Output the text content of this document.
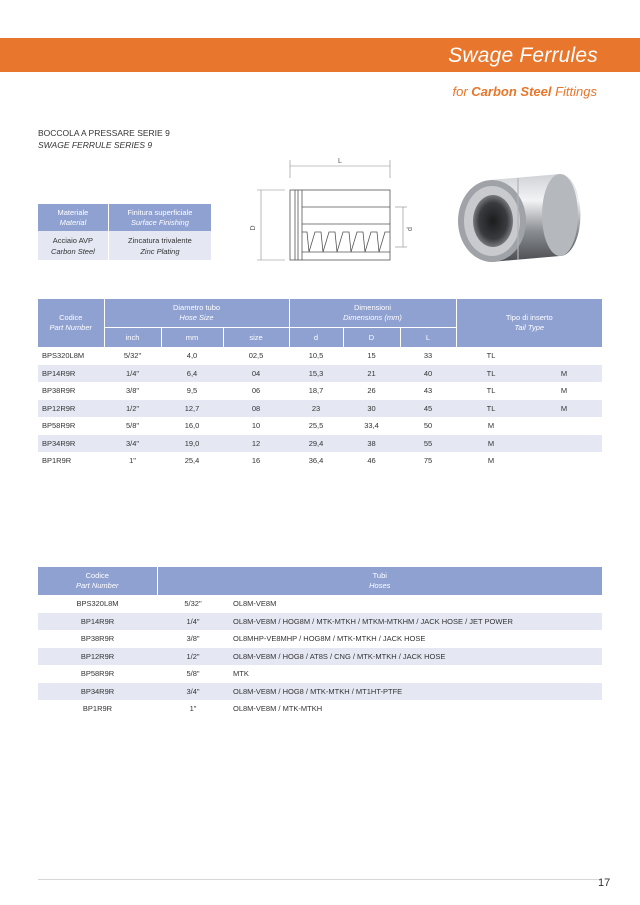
Swage Ferrules
for Carbon Steel Fittings
BOCCOLA A PRESSARE SERIE 9
SWAGE FERRULE SERIES 9
L
D	d
Materiale
Material	Finitura superficiale
Surface Finishing
Acciaio AVP
Carbon Steel	Zincatura trivalente
Zinc Plating
Codice
Part Number	Diametro tubo
Hose Size			Dimensioni
Dimensions (mm)			Tipo di inserto
Tail Type	
	inch	mm	size	d	D	L		
BPS320L8M	5/32"	4,0	02,5	10,5	15	33	TL	
BP14R9R	1/4"	6,4	04	15,3	21	40	TL	M
BP38R9R	3/8"	9,5	06	18,7	26	43	TL	M
BP12R9R	1/2"	12,7	08	23	30	45	TL	M
BP58R9R	5/8"	16,0	10	25,5	33,4	50	M	
BP34R9R	3/4"	19,0	12	29,4	38	55	M	
BP1R9R	1"	25,4	16	36,4	46	75	M	
Codice
Part Number	Tubi
Hoses	
BPS320L8M	5/32"	OL8M-VE8M
BP14R9R	1/4"	OL8M-VE8M / HOG8M / MTK-MTKH / MTKM-MTKHM / JACK HOSE / JET POWER
BP38R9R	3/8"	OL8MHP-VE8MHP / HOG8M / MTK-MTKH / JACK HOSE
BP12R9R	1/2"	OL8M-VE8M / HOG8 / AT8S / CNG / MTK-MTKH / JACK HOSE
BP58R9R	5/8"	MTK
BP34R9R	3/4"	OL8M-VE8M / HOG8 / MTK-MTKH / MT1HT-PTFE
BP1R9R	1"	OL8M-VE8M / MTK-MTKH
17
